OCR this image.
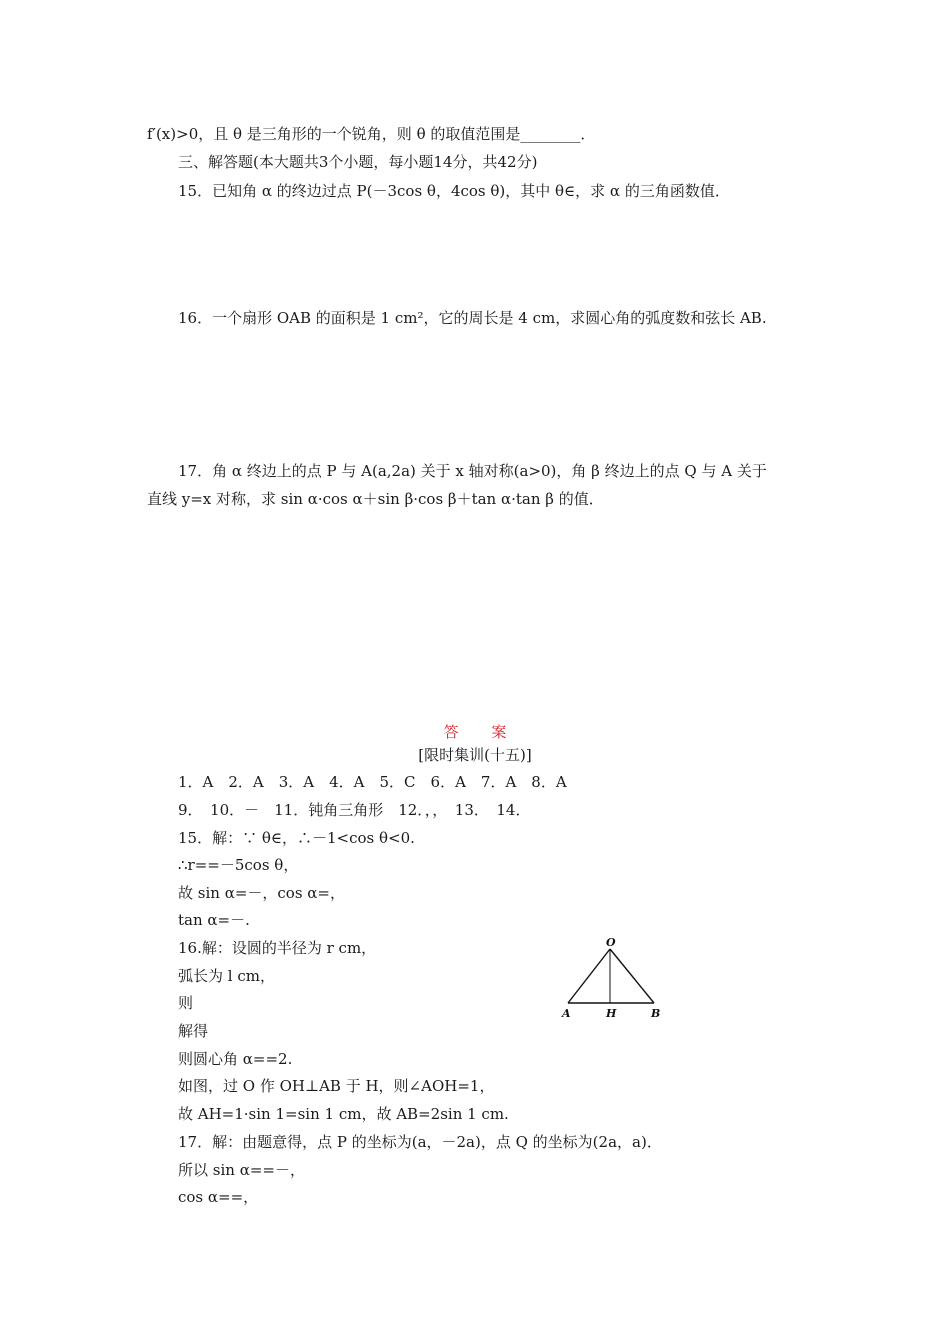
f′(x)>0，且 θ 是三角形的一个锐角，则 θ 的取值范围是________．
三、解答题(本大题共3个小题，每小题14分，共42分)
15．已知角 α 的终边过点 P(－3cos θ，4cos θ)，其中 θ∈，求 α 的三角函数值．
16．一个扇形 OAB 的面积是 1 cm²，它的周长是 4 cm，求圆心角的弧度数和弦长 AB.
17．角 α 终边上的点 P 与 A(a,2a) 关于 x 轴对称(a>0)，角 β 终边上的点 Q 与 A 关于
直线 y=x 对称，求 sin α·cos α＋sin β·cos β＋tan α·tan β 的值．
答 案
[限时集训(十五)]
1．A　2．A　3．A　4．A　5．C　6．A　7．A　8．A
9．　10．－　11．钝角三角形　12．，，　13．　14．
15．解：∵ θ∈，∴－1<cos θ<0.
∴r==－5cos θ，
故 sin α=－，cos α=，
tan α=－.
16.解：设圆的半径为 r cm，
弧长为 l cm，
则
解得
则圆心角 α==2.
如图，过 O 作 OH⊥AB 于 H，则∠AOH=1，
故 AH=1·sin 1=sin 1 cm，故 AB=2sin 1 cm.
17．解：由题意得，点 P 的坐标为(a，－2a)，点 Q 的坐标为(2a，a)．
所以 sin α==－，
cos α==，
O
A	H	B
